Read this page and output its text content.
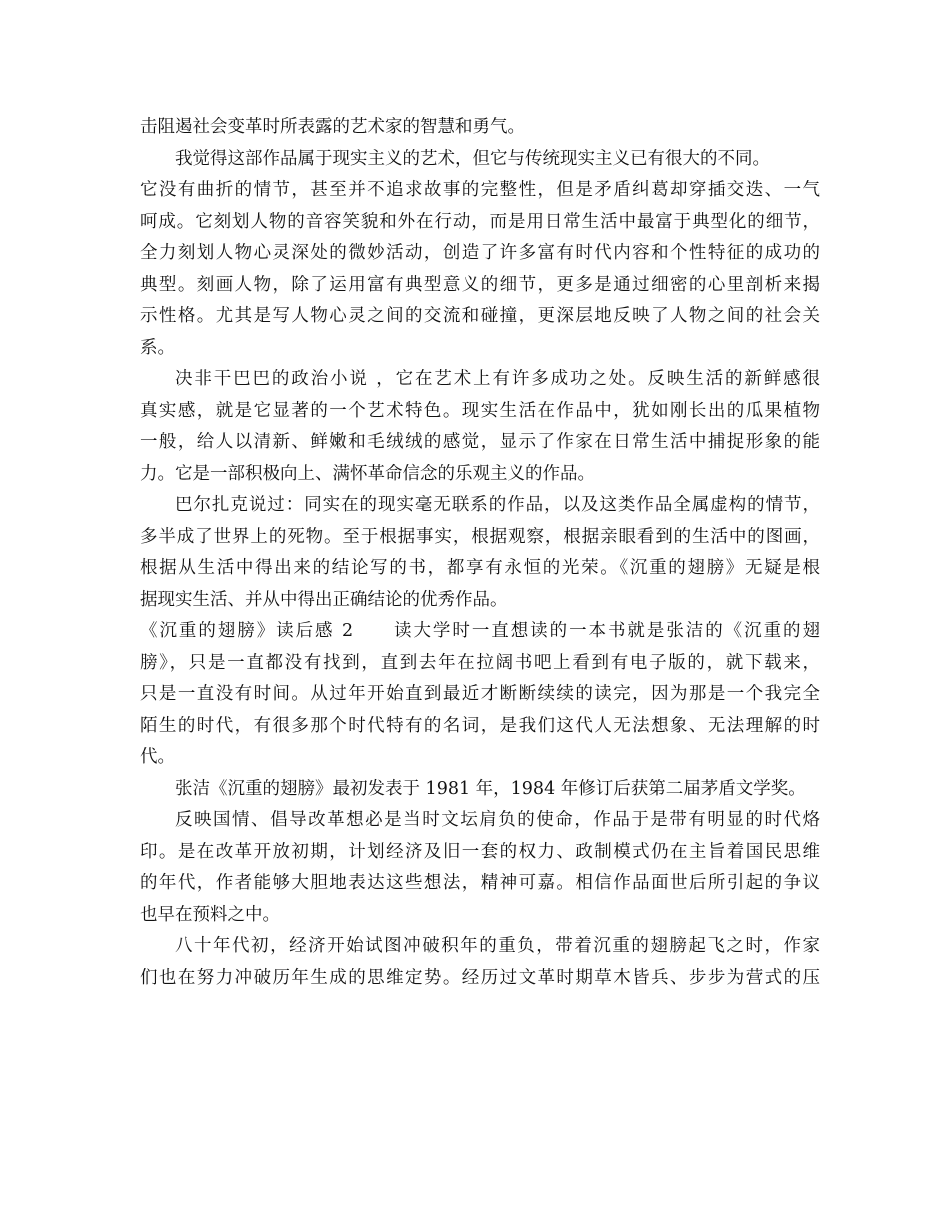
击阻遏社会变革时所表露的艺术家的智慧和勇气。
我觉得这部作品属于现实主义的艺术，但它与传统现实主义已有很大的不同。
它没有曲折的情节，甚至并不追求故事的完整性，但是矛盾纠葛却穿插交迭、一气
呵成。它刻划人物的音容笑貌和外在行动，而是用日常生活中最富于典型化的细节，
全力刻划人物心灵深处的微妙活动，创造了许多富有时代内容和个性特征的成功的
典型。刻画人物，除了运用富有典型意义的细节，更多是通过细密的心里剖析来揭
示性格。尤其是写人物心灵之间的交流和碰撞，更深层地反映了人物之间的社会关
系。
决非干巴巴的政治小说 ，它在艺术上有许多成功之处。反映生活的新鲜感很
真实感，就是它显著的一个艺术特色。现实生活在作品中，犹如刚长出的瓜果植物
一般，给人以清新、鲜嫩和毛绒绒的感觉，显示了作家在日常生活中捕捉形象的能
力。它是一部积极向上、满怀革命信念的乐观主义的作品。
巴尔扎克说过：同实在的现实毫无联系的作品，以及这类作品全属虚构的情节，
多半成了世界上的死物。至于根据事实，根据观察，根据亲眼看到的生活中的图画，
根据从生活中得出来的结论写的书，都享有永恒的光荣。《沉重的翅膀》无疑是根
据现实生活、并从中得出正确结论的优秀作品。
《沉重的翅膀》读后感 2　　读大学时一直想读的一本书就是张洁的《沉重的翅
膀》，只是一直都没有找到，直到去年在拉阔书吧上看到有电子版的，就下载来，
只是一直没有时间。从过年开始直到最近才断断续续的读完，因为那是一个我完全
陌生的时代，有很多那个时代特有的名词，是我们这代人无法想象、无法理解的时
代。
张洁《沉重的翅膀》最初发表于 1981 年，1984 年修订后获第二届茅盾文学奖。
反映国情、倡导改革想必是当时文坛肩负的使命，作品于是带有明显的时代烙
印。是在改革开放初期，计划经济及旧一套的权力、政制模式仍在主旨着国民思维
的年代，作者能够大胆地表达这些想法，精神可嘉。相信作品面世后所引起的争议
也早在预料之中。
八十年代初，经济开始试图冲破积年的重负，带着沉重的翅膀起飞之时，作家
们也在努力冲破历年生成的思维定势。经历过文革时期草木皆兵、步步为营式的压
